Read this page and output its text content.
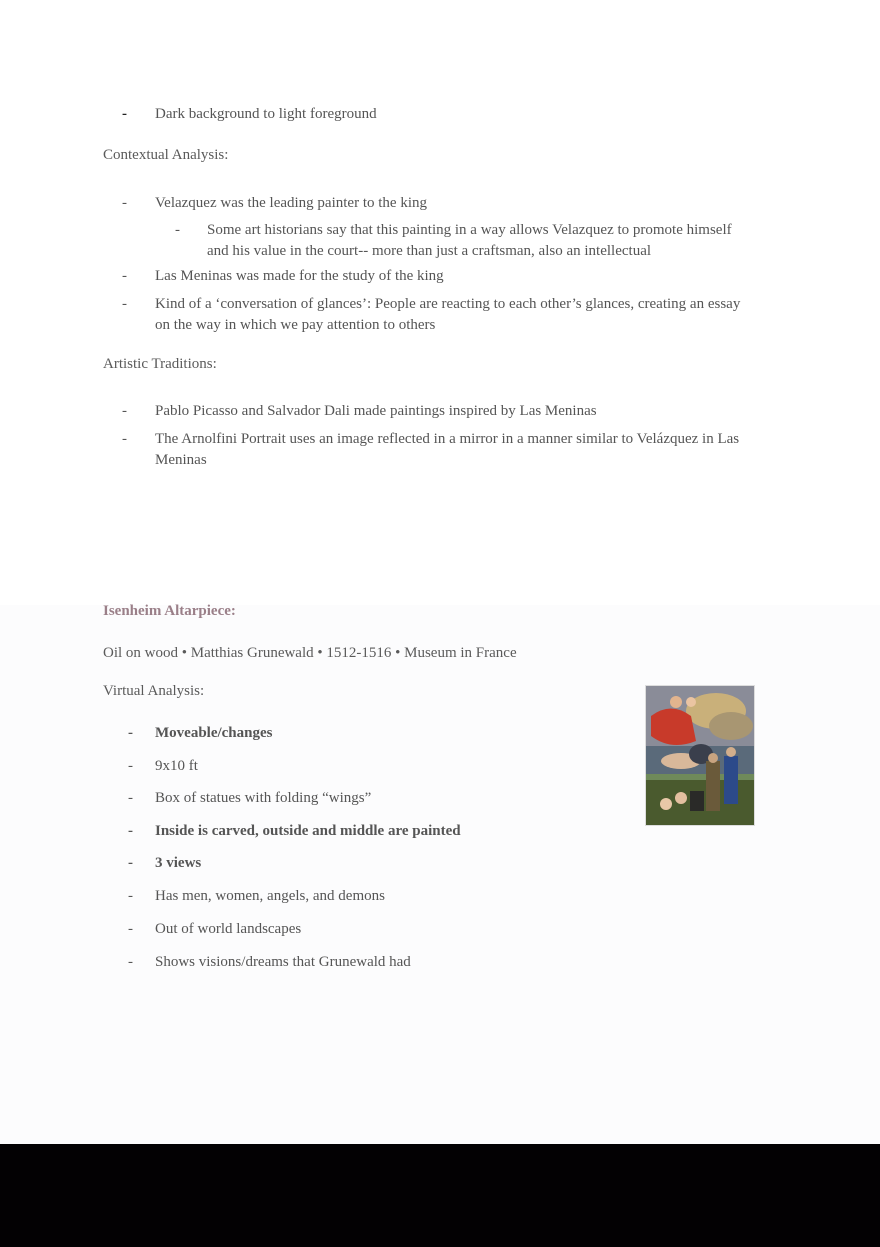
- Dark background to light foreground
Contextual Analysis:
- Velazquez was the leading painter to the king
- Some art historians say that this painting in a way allows Velazquez to promote himself
and his value in the court-- more than just a craftsman, also an intellectual
- Las Meninas was made for the study of the king
- Kind of a ‘conversation of glances’: People are reacting to each other’s glances, creating an essay
on the way in which we pay attention to others
Artistic Traditions:
- Pablo Picasso and Salvador Dali made paintings inspired by Las Meninas
- The Arnolfini Portrait uses an image reflected in a mirror in a manner similar to Velázquez in Las
Meninas
Isenheim Altarpiece:
Oil on wood • Matthias Grunewald • 1512-1516 • Museum in France
Virtual Analysis:
- Moveable/changes
- 9x10 ft
- Box of statues with folding “wings”
- Inside is carved, outside and middle are painted
- 3 views
- Has men, women, angels, and demons
- Out of world landscapes
- Shows visions/dreams that Grunewald had
